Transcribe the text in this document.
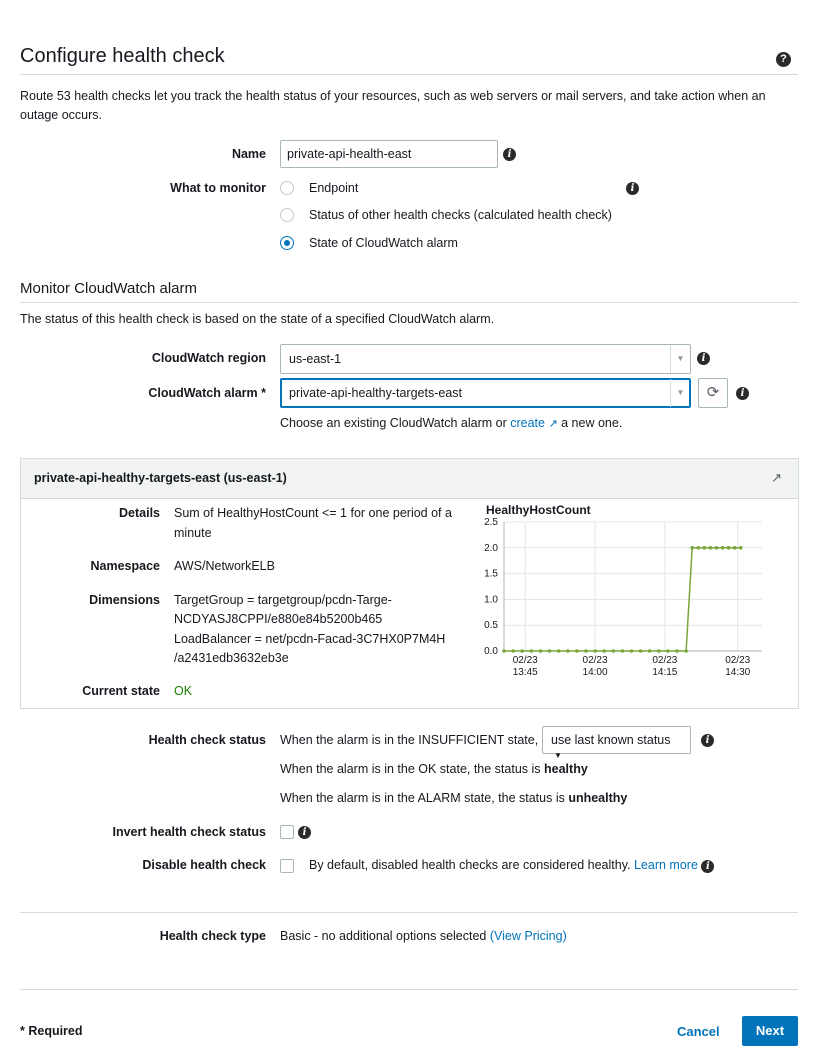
Configure health check	?
Route 53 health checks let you track the health status of your resources, such as web servers or mail servers, and take action when an outage occurs.
Name	private-api-health-east	i
What to monitor	Endpoint	i
Status of other health checks (calculated health check)
State of CloudWatch alarm
Monitor CloudWatch alarm
The status of this health check is based on the state of a specified CloudWatch alarm.
CloudWatch region	us-east-1	▼	i
CloudWatch alarm *	private-api-healthy-targets-east	▼	⟳	i
Choose an existing CloudWatch alarm or create ↗ a new one.
private-api-healthy-targets-east (us-east-1)	↗
Details Sum of HealthyHostCount <= 1 for one period of a
minute
Namespace AWS/NetworkELB
Dimensions TargetGroup = targetgroup/pcdn-Targe-
NCDYASJ8CPPI/e880e84b5200b465
LoadBalancer = net/pcdn-Facad-3C7HX0P7M4H
/a2431edb3632eb3e
Current state OK
HealthyHostCount
2.5
2.0
1.5
1.0
0.5
0.0
02/23
13:45
02/23
14:00
02/23
14:15
02/23
14:30
Health check status When the alarm is in the INSUFFICIENT state,	use last known status ▼
i
When the alarm is in the OK state, the status is healthy
When the alarm is in the ALARM state, the status is unhealthy
Invert health check status	i
Disable health check	By default, disabled health checks are considered healthy. Learn more i
Health check type Basic - no additional options selected (View Pricing)
* Required	Cancel	Next
